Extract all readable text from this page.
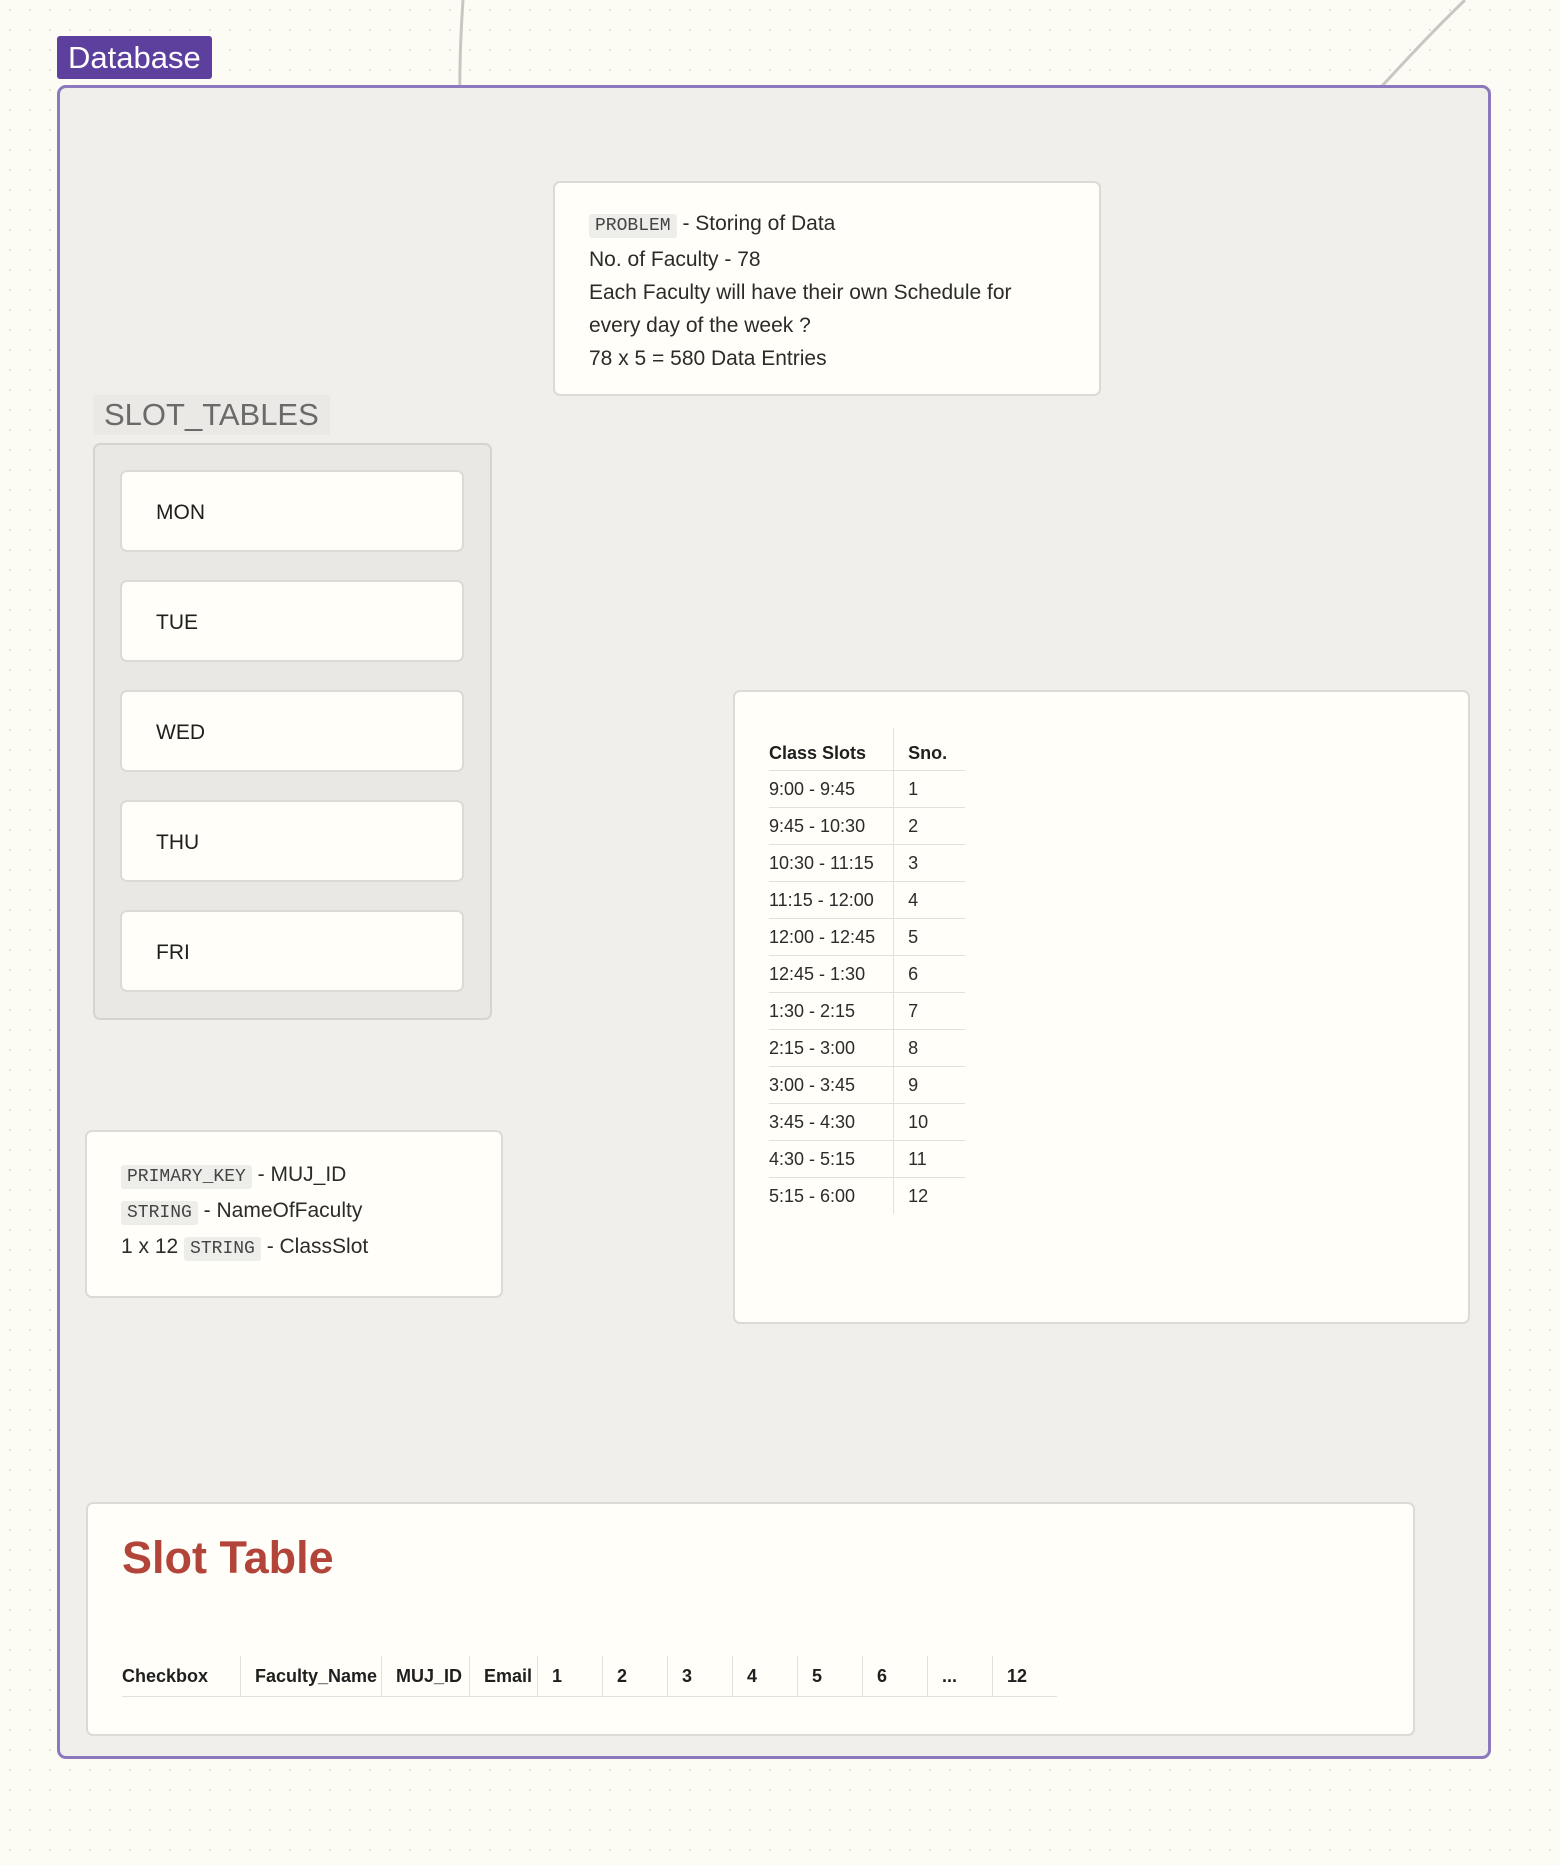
Database
PROBLEM - Storing of Data
No. of Faculty - 78
Each Faculty will have their own Schedule for
every day of the week ?
78 x 5 = 580 Data Entries
SLOT_TABLES
MON
TUE
WED
THU
FRI
PRIMARY_KEY - MUJ_ID
STRING - NameOfFaculty
1 x 12 STRING - ClassSlot
Class Slots	Sno.
9:00 - 9:45	1
9:45 - 10:30	2
10:30 - 11:15	3
11:15 - 12:00	4
12:00 - 12:45	5
12:45 - 1:30	6
1:30 - 2:15	7
2:15 - 3:00	8
3:00 - 3:45	9
3:45 - 4:30	10
4:30 - 5:15	11
5:15 - 6:00	12
Slot Table
Checkbox	Faculty_Name	MUJ_ID	Email	1	2	3	4	5	6	...	12
